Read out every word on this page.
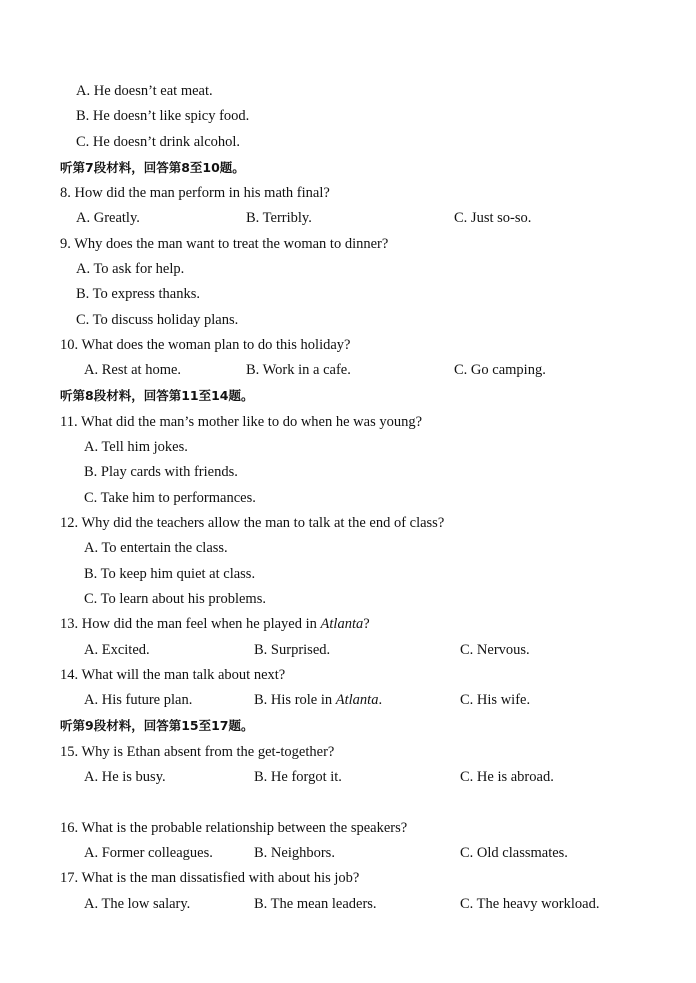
A. He doesn’t eat meat.
B. He doesn’t like spicy food.
C. He doesn’t drink alcohol.
听第7段材料，回答第8至10题。
8. How did the man perform in his math final?
A. Greatly.	B. Terribly.	C. Just so-so.
9. Why does the man want to treat the woman to dinner?
A. To ask for help.
B. To express thanks.
C. To discuss holiday plans.
10. What does the woman plan to do this holiday?
A. Rest at home.	B. Work in a cafe.	C. Go camping.
听第8段材料，回答第11至14题。
11. What did the man’s mother like to do when he was young?
A. Tell him jokes.
B. Play cards with friends.
C. Take him to performances.
12. Why did the teachers allow the man to talk at the end of class?
A. To entertain the class.
B. To keep him quiet at class.
C. To learn about his problems.
13. How did the man feel when he played in Atlanta?
A. Excited.	B. Surprised.	C. Nervous.
14. What will the man talk about next?
A. His future plan.	B. His role in Atlanta.	C. His wife.
听第9段材料，回答第15至17题。
15. Why is Ethan absent from the get-together?
A. He is busy.	B. He forgot it.	C. He is abroad.
16. What is the probable relationship between the speakers?
A. Former colleagues.	B. Neighbors.	C. Old classmates.
17. What is the man dissatisfied with about his job?
A. The low salary.	B. The mean leaders.	C. The heavy workload.
